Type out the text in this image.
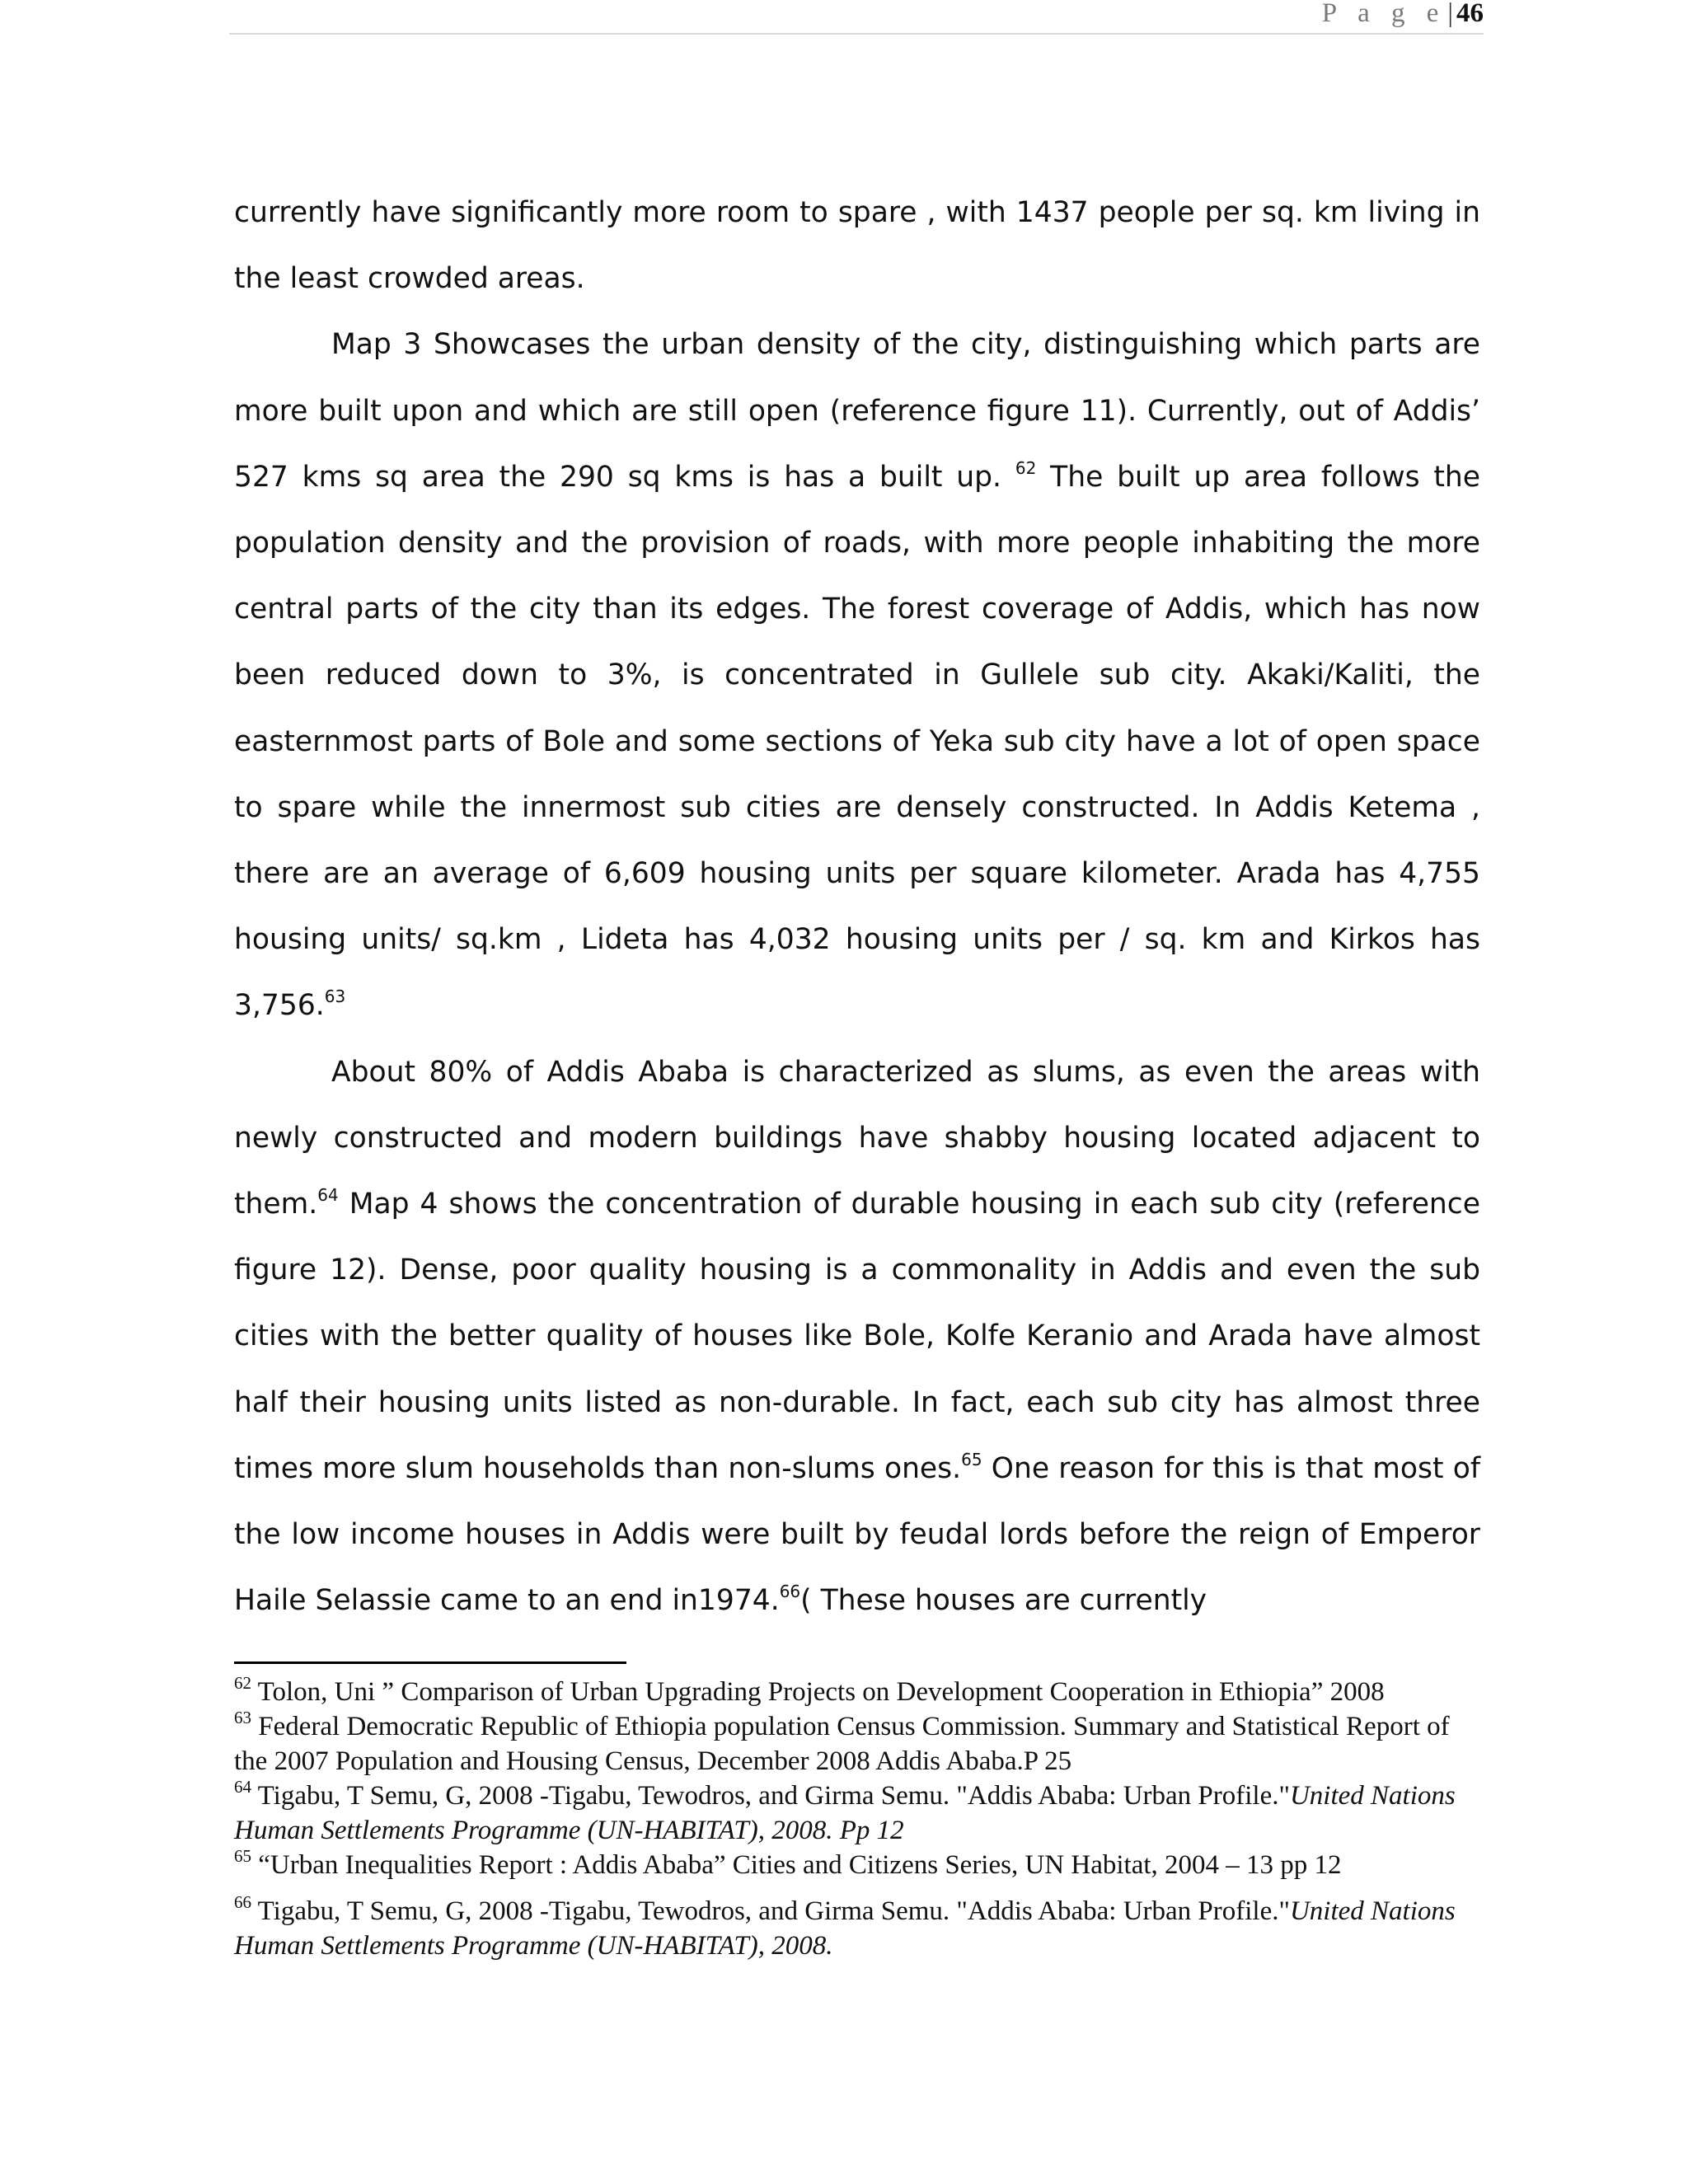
P a g e| 46

currently have significantly more room to spare , with 1437 people per sq. km living in the least crowded areas.

Map 3 Showcases the urban density of the city, distinguishing which parts are more built upon and which are still open (reference figure 11). Currently, out of Addis’ 527 kms sq area the 290 sq kms is has a built up. $^{62}$ The built up area follows the population density and the provision of roads, with more people inhabiting the more central parts of the city than its edges. The forest coverage of Addis, which has now been reduced down to 3%, is concentrated in Gullele sub city. Akaki/Kaliti, the easternmost parts of Bole and some sections of Yeka sub city have a lot of open space to spare while the innermost sub cities are densely constructed. In Addis Ketema , there are an average of 6,609 housing units per square kilometer. Arada has 4,755 housing units/ sq.km , Lideta has 4,032 housing units per / sq. km and Kirkos has 3,756.63

About 80% of Addis Ababa is characterized as slums, as even the areas with newly constructed and modern buildings have shabby housing located adjacent to them.$^{64}$ Map 4 shows the concentration of durable housing in each sub city (reference figure 12). Dense, poor quality housing is a commonality in Addis and even the sub cities with the better quality of houses like Bole, Kolfe Keranio and Arada have almost half their housing units listed as non-durable. In fact, each sub city has almost three times more slum households than non-slums ones.$^{65}$ One reason for this is that most of the low income houses in Addis were built by feudal lords before the reign of Emperor Haile Selassie came to an end in1974.66( These houses are currently

$^{62}$ Tolon, Uni ” Comparison of Urban Upgrading Projects on Development Cooperation in Ethiopia” 2008

$^{63}$ Federal Democratic Republic of Ethiopia population Census Commission. Summary and Statistical Report of the 2007 Population and Housing Census, December 2008 Addis Ababa.P 25

$^{64}$ Tigabu, T Semu, G, 2008 -Tigabu, Tewodros, and Girma Semu. "Addis Ababa: Urban Profile."United Nations Human Settlements Programme (UN-HABITAT), 2008. Pp 12

$^{65}$ “Urban Inequalities Report : Addis Ababa” Cities and Citizens Series, UN Habitat, 2004 – 13 pp 12

$^{66}$ Tigabu, T Semu, G, 2008 -Tigabu, Tewodros, and Girma Semu. "Addis Ababa: Urban Profile."United Nations Human Settlements Programme (UN-HABITAT), 2008.
